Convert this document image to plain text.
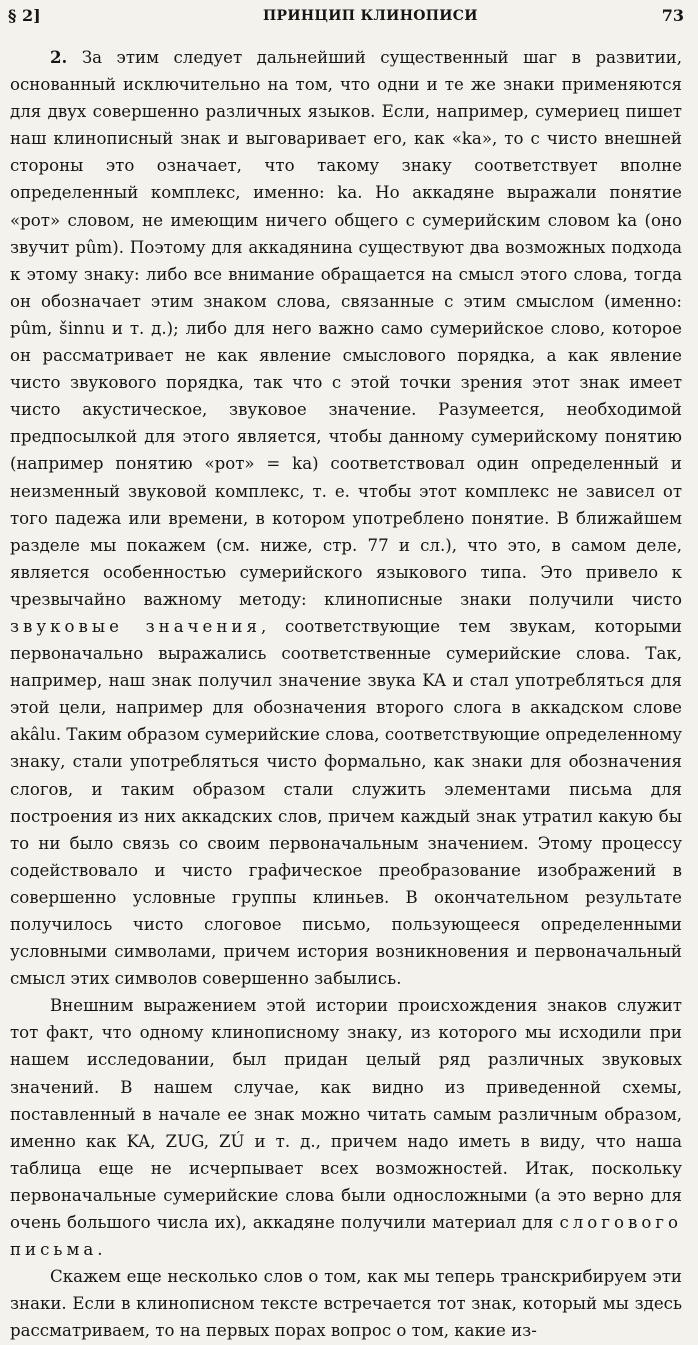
§ 2]	ПРИНЦИП КЛИНОПИСИ	73

2. За этим следует дальнейший существенный шаг в развитии, основанный исключительно на том, что одни и те же знаки применяются для двух совершенно различных языков. Если, например, сумериец пишет наш клинописный знак и выговаривает его, как «ka», то с чисто внешней стороны это означает, что такому знаку соответствует вполне определенный комплекс, именно: ka. Но аккадяне выражали понятие «рот» словом, не имеющим ничего общего с сумерийским словом ka (оно звучит pûm). Поэтому для аккадянина существуют два возможных подхода к этому знаку: либо все внимание обращается на смысл этого слова, тогда он обозначает этим знаком слова, связанные с этим смыслом (именно: pûm, šinnu и т. д.); либо для него важно само сумерийское слово, которое он рассматривает не как явление смыслового порядка, а как явление чисто звукового порядка, так что с этой точки зрения этот знак имеет чисто акустическое, звуковое значение. Разумеется, необходимой предпосылкой для этого является, чтобы данному сумерийскому понятию (например понятию «рот» = ka) соответствовал один определенный и неизменный звуковой комплекс, т. е. чтобы этот комплекс не зависел от того падежа или времени, в котором употреблено понятие. В ближайшем разделе мы покажем (см. ниже, стр. 77 и сл.), что это, в самом деле, является особенностью сумерийского языкового типа. Это привело к чрезвычайно важному методу: клинописные знаки получили чисто звуковые значения, соответствующие тем звукам, которыми первоначально выражались соответственные сумерийские слова. Так, например, наш знак получил значение звука KA и стал употребляться для этой цели, например для обозначения второго слога в аккадском слове akâlu. Таким образом сумерийские слова, соответствующие определенному знаку, стали употребляться чисто формально, как знаки для обозначения слогов, и таким образом стали служить элементами письма для построения из них аккадских слов, причем каждый знак утратил какую бы то ни было связь со своим первоначальным значением. Этому процессу содействовало и чисто графическое преобразование изображений в совершенно условные группы клиньев. В окончательном результате получилось чисто слоговое письмо, пользующееся определенными условными символами, причем история возникновения и первоначальный смысл этих символов совершенно забылись.

Внешним выражением этой истории происхождения знаков служит тот факт, что одному клинописному знаку, из которого мы исходили при нашем исследовании, был придан целый ряд различных звуковых значений. В нашем случае, как видно из приведенной схемы, поставленный в начале ее знак можно читать самым различным образом, именно как KA, ZUG, ZÚ и т. д., причем надо иметь в виду, что наша таблица еще не исчерпывает всех возможностей. Итак, поскольку первоначальные сумерийские слова были односложными (а это верно для очень большого числа их), аккадяне получили материал для слогового письма.

Скажем еще несколько слов о том, как мы теперь транскрибируем эти знаки. Если в клинописном тексте встречается тот знак, который мы здесь рассматриваем, то на первых порах вопрос о том, какие из-
